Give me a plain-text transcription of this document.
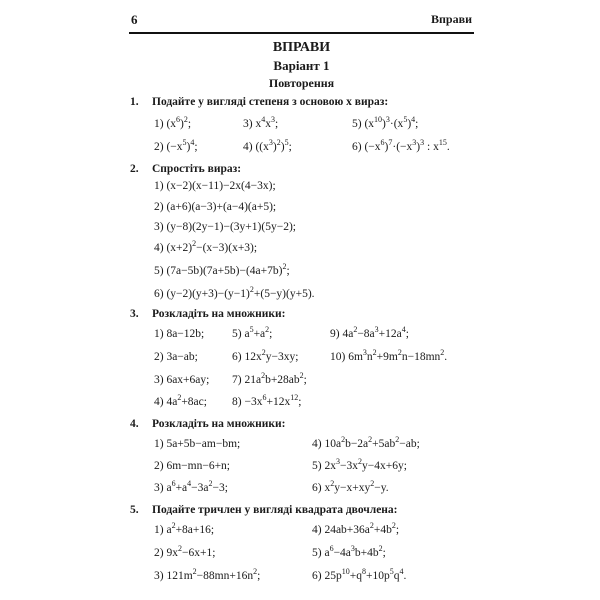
6	Вправи
ВПРАВИ
Варіант 1
Повторення
1. Подайте у вигляді степеня з основою x вираз:
1) $(x^6)^2$;	3) $x^4x^3$;	5) $(x^{10})^3\cdot(x^5)^4$;
2) $(-x^5)^4$;	4) $((x^3)^2)^5$;	6) $(-x^6)^7\cdot(-x^3)^3$ : $x^{15}$.
2. Спростіть вираз:
1) (x−2)(x−11)−2x(4−3x);
2) (a+6)(a−3)+(a−4)(a+5);
3) (y−8)(2y−1)−(3y+1)(5y−2);
4) $(x+2)^2-(x-3)(x+3)$;
5) $(7a-5b)(7a+5b)-(4a+7b)^2$;
6) $(y-2)(y+3)-(y-1)^2+(5-y)(y+5)$.
3. Розкладіть на множники:
1) 8a−12b; 5) $a^5+a^2$;	9) $4a^2-8a^3+12a^4$;
2) 3a−ab;	6) $12x^2y-3xy$;	10) $6m^3n^2+9m^2n-18mn^2$.
3) 6ax+6ay; 7) $21a^2b+28ab^2$;
4) $4a^2+8ac$; $8) -3x^6+12x^{12}$;
4. Розкладіть на множники:
1) 5a+5b−am−bm;	4) $10a^2b-2a^2+5ab^2-ab$;
2) 6m−mn−6+n;	5) $2x^3-3x^2y-4x+6y$;
3) $a^6+a^4-3a^2-3$;	6) $x^2y-x+xy^2-y$.
5. Подайте тричлен у вигляді квадрата двочлена:
1) $a^2+8a+16$;	4) $24ab+36a^2+4b^2$;
2) $9x^2-6x+1$;	5) $a^6-4a^3b+4b^2$;
3) $121m^2-88mn+16n^2$;	6) $25p^{10}+q^8+10p^5q^4$.
